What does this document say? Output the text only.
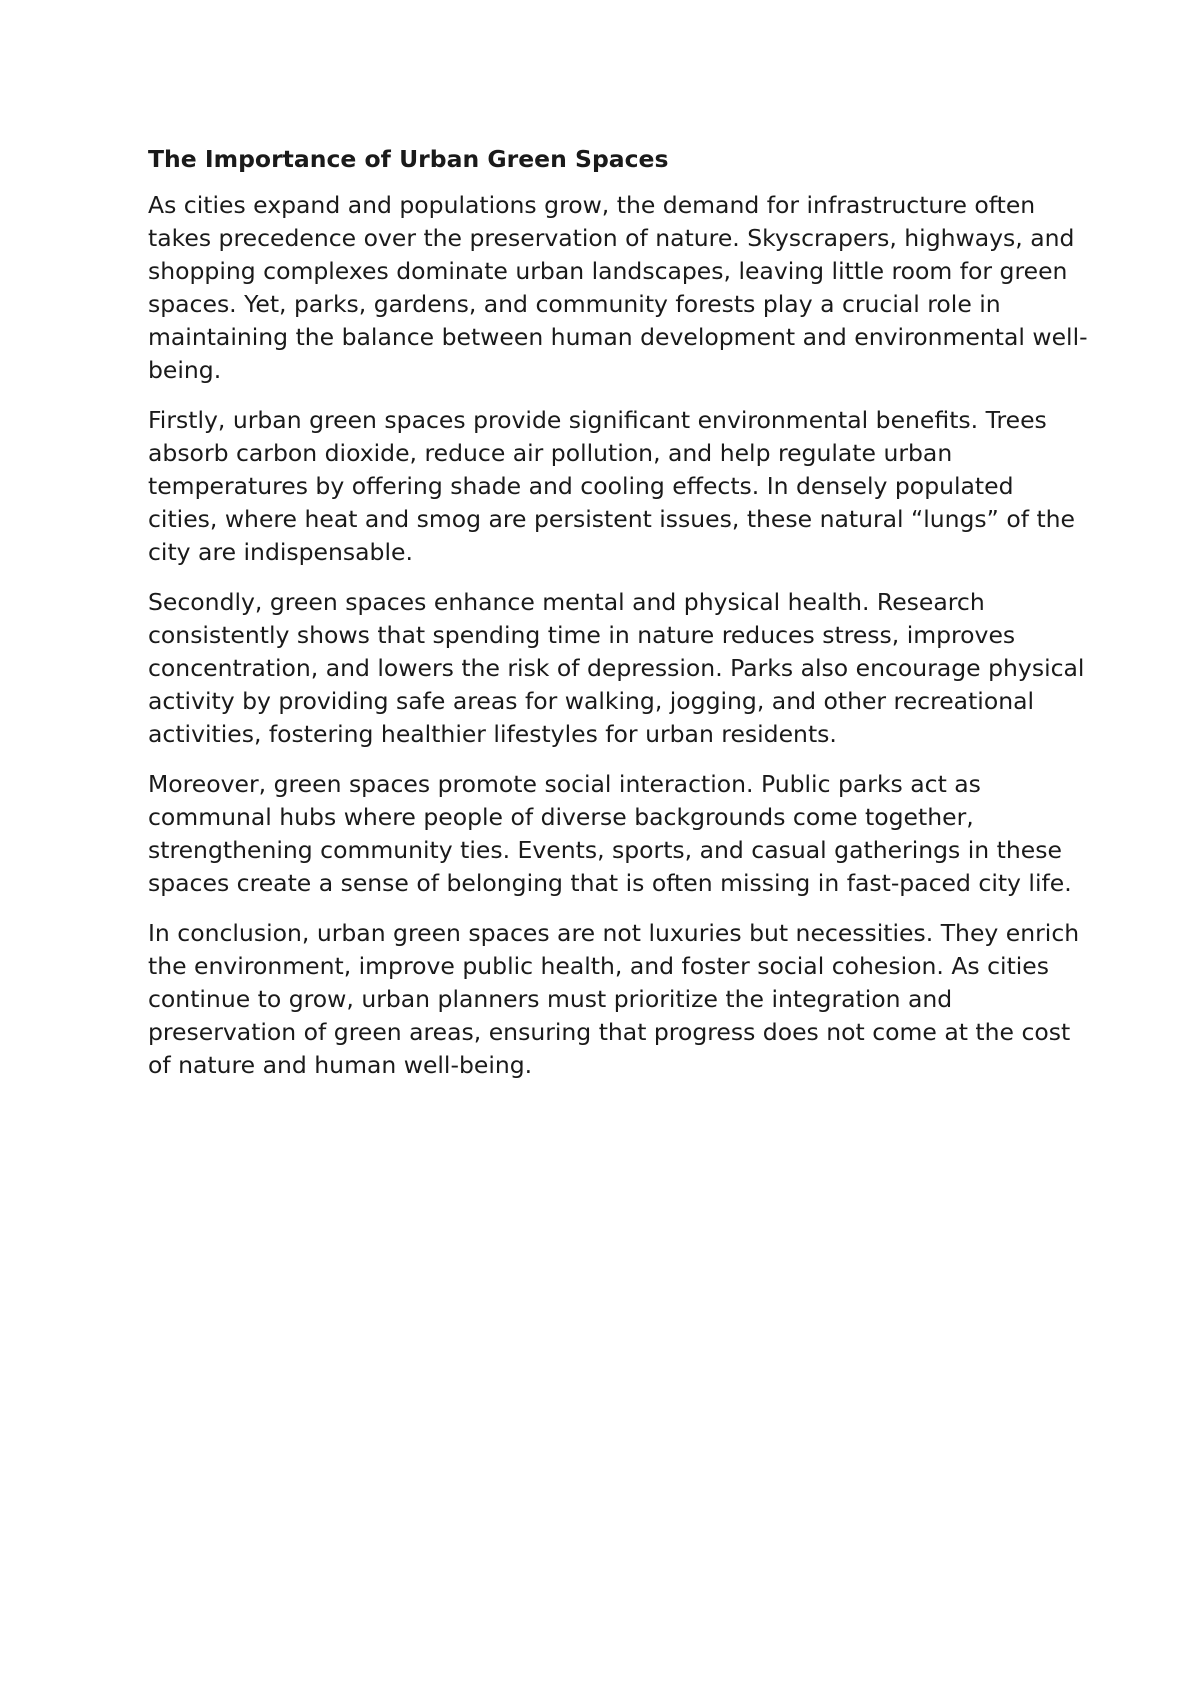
The Importance of Urban Green Spaces

As cities expand and populations grow, the demand for infrastructure often takes precedence over the preservation of nature. Skyscrapers, highways, and shopping complexes dominate urban landscapes, leaving little room for green spaces. Yet, parks, gardens, and community forests play a crucial role in maintaining the balance between human development and environmental well-being.

Firstly, urban green spaces provide significant environmental benefits. Trees absorb carbon dioxide, reduce air pollution, and help regulate urban temperatures by offering shade and cooling effects. In densely populated cities, where heat and smog are persistent issues, these natural “lungs” of the city are indispensable.

Secondly, green spaces enhance mental and physical health. Research consistently shows that spending time in nature reduces stress, improves concentration, and lowers the risk of depression. Parks also encourage physical activity by providing safe areas for walking, jogging, and other recreational activities, fostering healthier lifestyles for urban residents.

Moreover, green spaces promote social interaction. Public parks act as communal hubs where people of diverse backgrounds come together, strengthening community ties. Events, sports, and casual gatherings in these spaces create a sense of belonging that is often missing in fast-paced city life.

In conclusion, urban green spaces are not luxuries but necessities. They enrich the environment, improve public health, and foster social cohesion. As cities continue to grow, urban planners must prioritize the integration and preservation of green areas, ensuring that progress does not come at the cost of nature and human well-being.
